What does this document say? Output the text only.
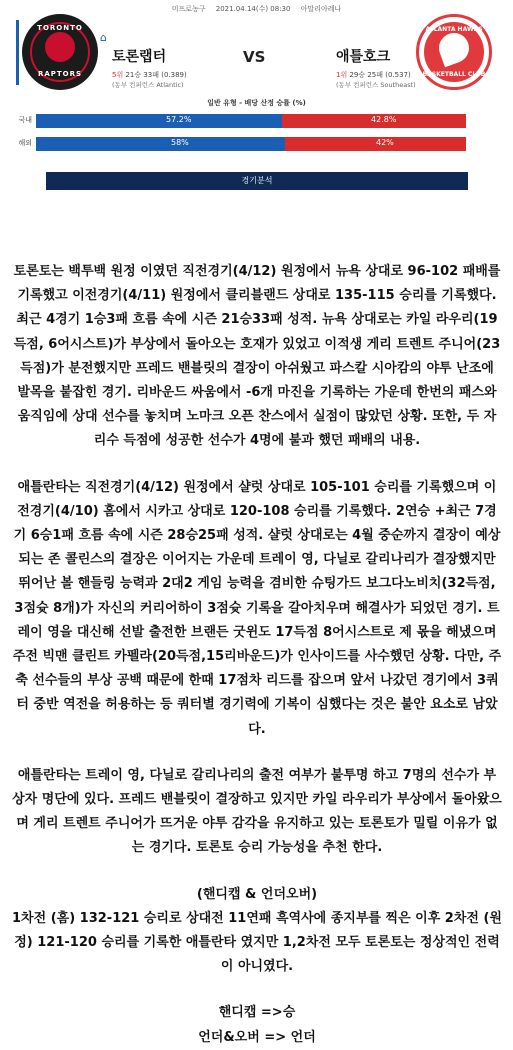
미프로농구 2021.04.14(수) 08:30 아말리아레나
TORONTO
RAPTORS
⌂
토론랩터	VS	애틀호크
5위 21승 33패 (0.389)
(동부 컨퍼런스 Atlantic)
1위 29승 25패 (0.537)
(동부 컨퍼런스 Southeast)
ATLANTA HAWKS
BASKETBALL CLUB
일반 유형 - 배당 산정 승률 (%)
국내	57.2%	42.8%
해외	58%	42%
경기분석

토론토는 백투백 원정 이였던 직전경기(4/12) 원정에서 뉴욕 상대로 96-102 패배를 기록했고 이전경기(4/11) 원정에서 클리블랜드 상대로 135-115 승리를 기록했다. 최근 4경기 1승3패 흐름 속에 시즌 21승33패 성적. 뉴욕 상대로는 카일 라우리(19득점, 6어시스트)가 부상에서 돌아오는 호재가 있었고 이적생 게리 트렌트 주니어(23득점)가 분전했지만 프레드 밴블릿의 결장이 아쉬웠고 파스칼 시아캄의 야투 난조에 발목을 붙잡힌 경기. 리바운드 싸움에서 -6개 마진을 기록하는 가운데 한번의 패스와 움직임에 상대 선수를 놓치며 노마크 오픈 찬스에서 실점이 많았던 상황. 또한, 두 자리수 득점에 성공한 선수가 4명에 불과 했던 패배의 내용.

애틀란타는 직전경기(4/12) 원정에서 샬럿 상대로 105-101 승리를 기록했으며 이전경기(4/10) 홈에서 시카고 상대로 120-108 승리를 기록했다. 2연승 +최근 7경기 6승1패 흐름 속에 시즌 28승25패 성적. 샬럿 상대로는 4월 중순까지 결장이 예상되는 존 콜린스의 결장은 이어지는 가운데 트레이 영, 다닐로 갈리나리가 결장했지만 뛰어난 볼 핸들링 능력과 2대2 게임 능력을 겸비한 슈팅가드 보그다노비치(32득점, 3점슛 8개)가 자신의 커리어하이 3점슛 기록을 갈아치우며 해결사가 되었던 경기. 트레이 영을 대신해 선발 출전한 브랜든 굿윈도 17득점 8어시스트로 제 몫을 해냈으며 주전 빅맨 클린트 카펠라(20득점,15리바운드)가 인사이드를 사수했던 상황. 다만, 주축 선수들의 부상 공백 때문에 한때 17점차 리드를 잡으며 앞서 나갔던 경기에서 3쿼터 중반 역전을 허용하는 등 쿼터별 경기력에 기복이 심했다는 것은 불안 요소로 남았다.

애틀란타는 트레이 영, 다닐로 갈리나리의 출전 여부가 불투명 하고 7명의 선수가 부상자 명단에 있다. 프레드 밴블릿이 결장하고 있지만 카일 라우리가 부상에서 돌아왔으며 게리 트렌트 주니어가 뜨거운 야투 감각을 유지하고 있는 토론토가 밀릴 이유가 없는 경기다. 토론토 승리 가능성을 추천 한다.

(핸디캡 & 언더오버)

1차전 (홈) 132-121 승리로 상대전 11연패 흑역사에 종지부를 찍은 이후 2차전 (원정) 121-120 승리를 기록한 애틀란타 였지만 1,2차전 모두 토론토는 정상적인 전력이 아니였다.

핸디캡 =>승

언더&오버 => 언더
